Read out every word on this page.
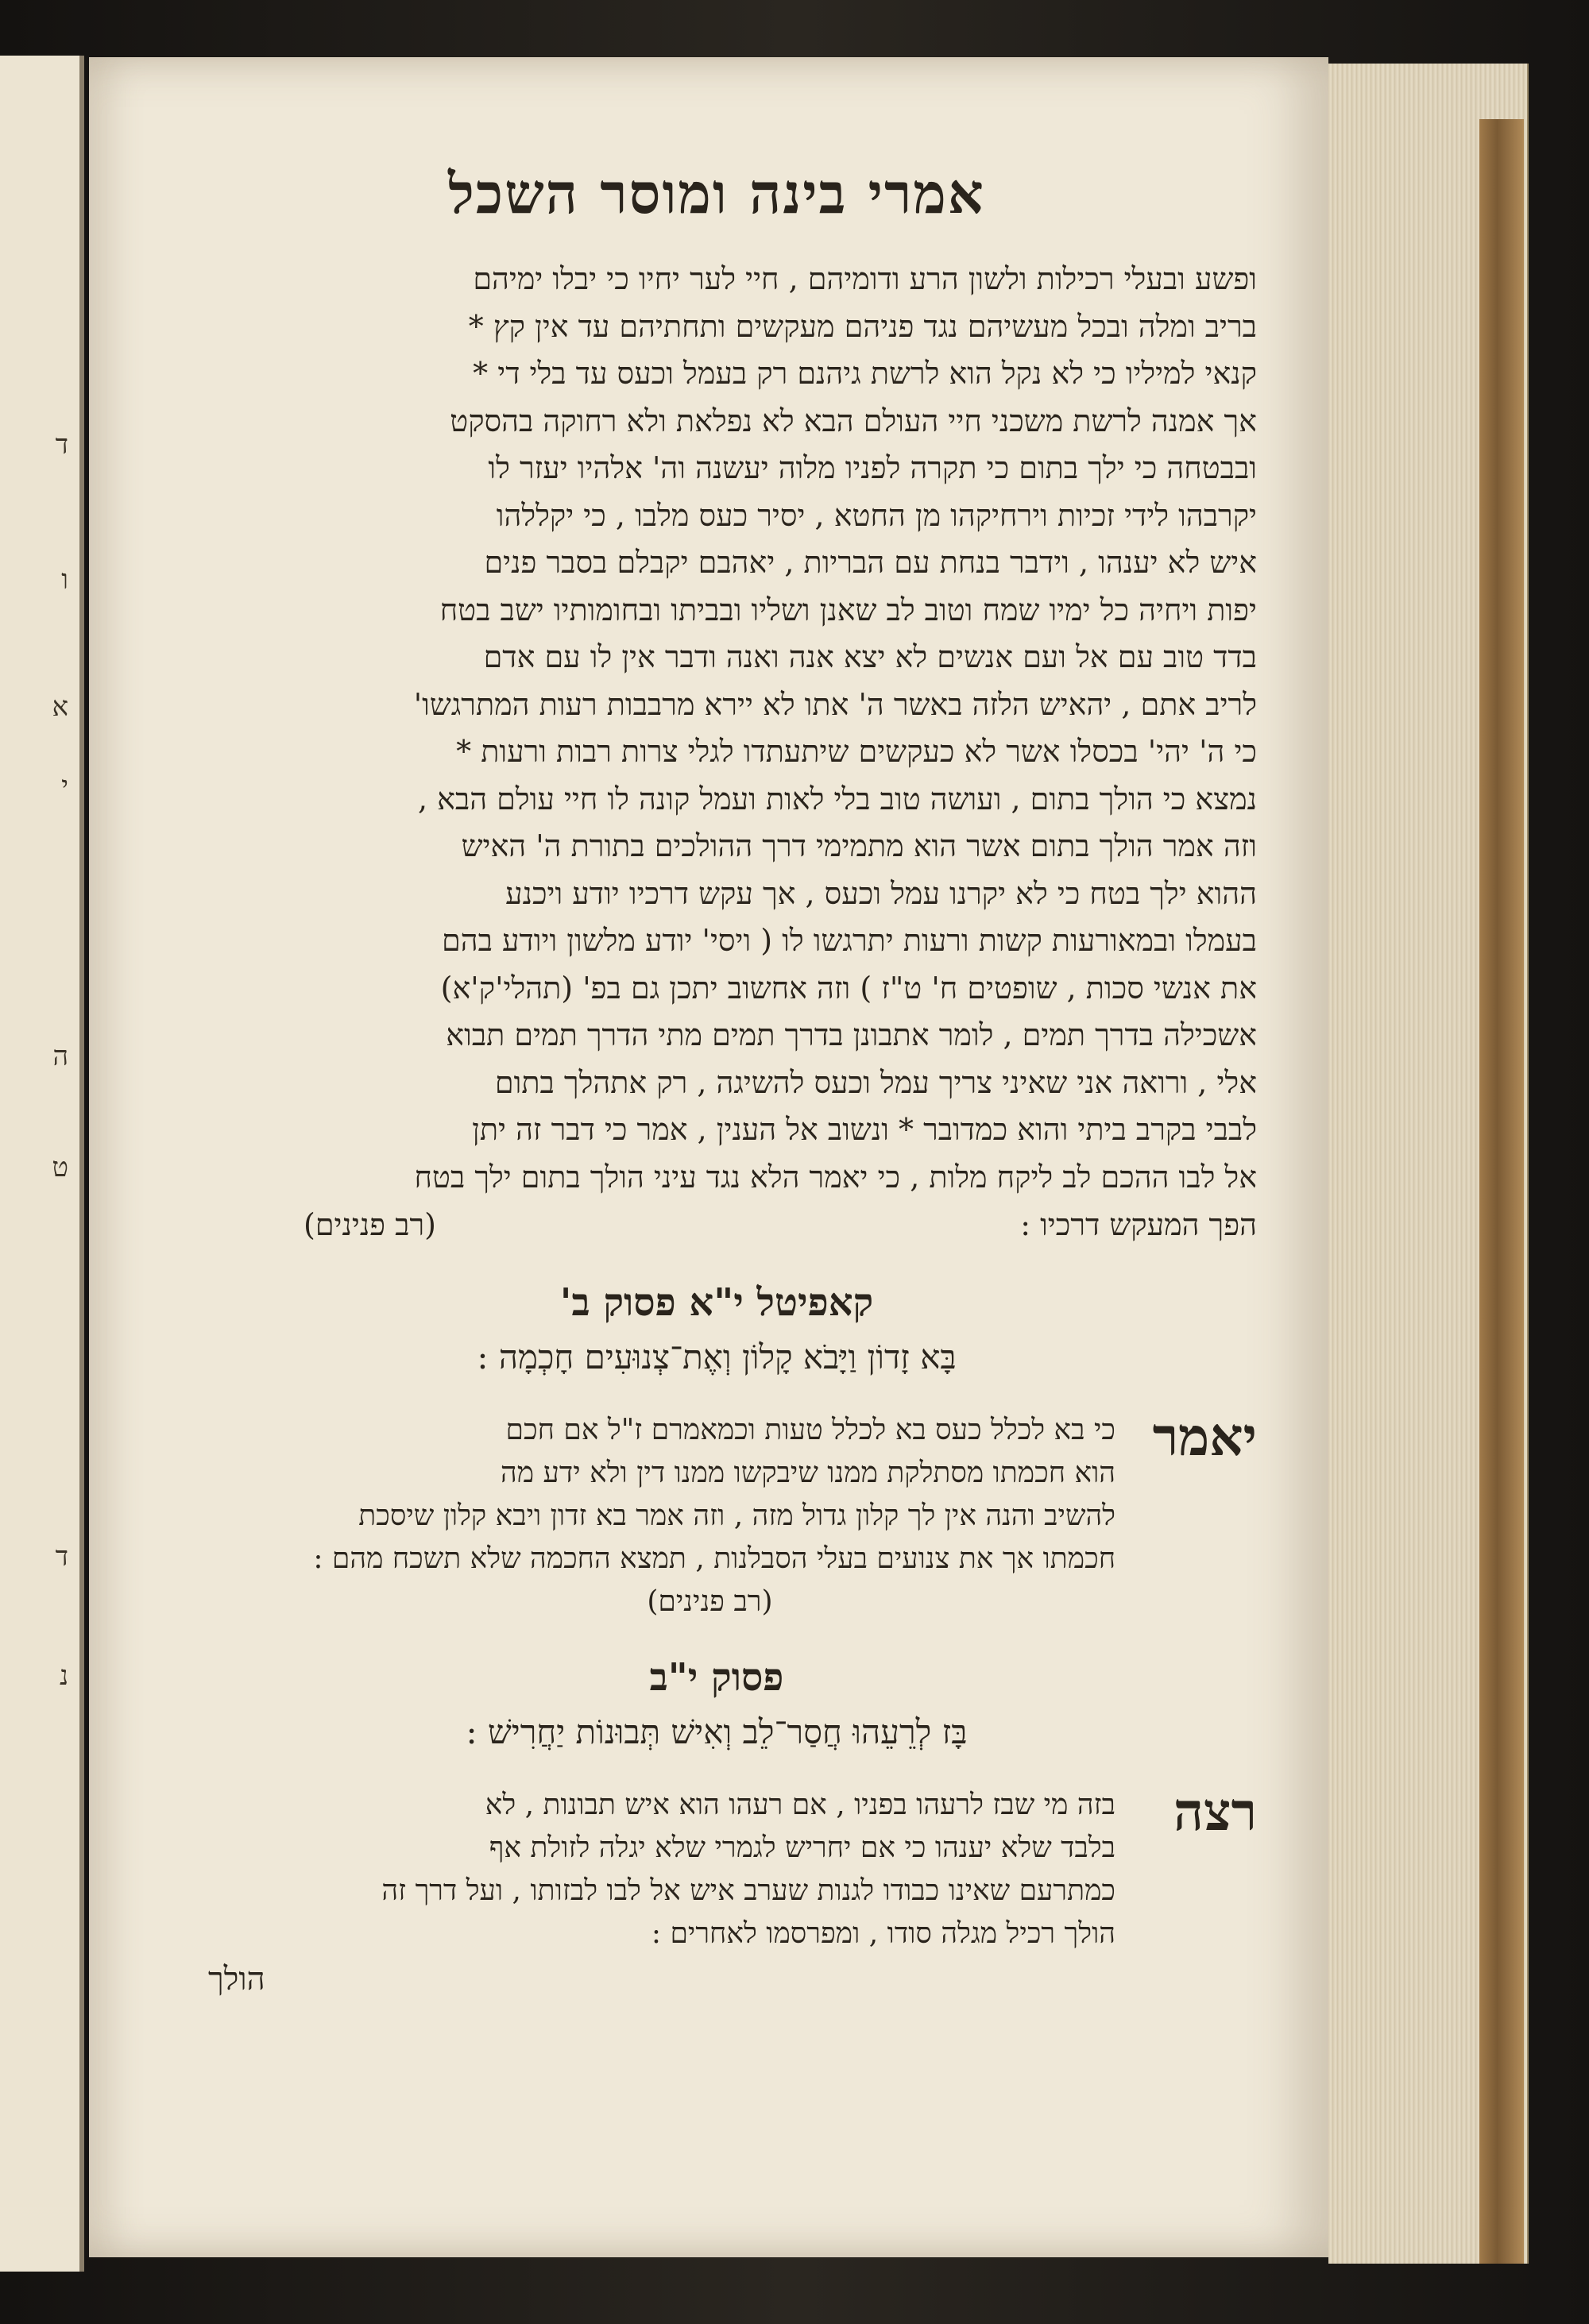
ד
ו
א
י
ה
ט
ד
נ
אמרי בינה ומוסר השכל

ופשע ובעלי רכילות ולשון הרע ודומיהם , חיי לער יחיו כי יבלו ימיהם

בריב ומלה ובכל מעשיהם נגד פניהם מעקשים ותחתיהם עד אין קץ *

קנאי למיליו כי לא נקל הוא לרשת גיהנם רק בעמל וכעס עד בלי די *

אך אמנה לרשת משכני חיי העולם הבא לא נפלאת ולא רחוקה בהסקט

ובבטחה כי ילך בתום כי תקרה לפניו מלוה יעשנה וה' אלהיו יעזר לו

יקרבהו לידי זכיות וירחיקהו מן החטא , יסיר כעס מלבו , כי יקללהו

איש לא יענהו , וידבר בנחת עם הבריות , יאהבם יקבלם בסבר פנים

יפות ויחיה כל ימיו שמח וטוב לב שאנן ושליו ובביתו ובחומותיו ישב בטח

בדד טוב עם אל ועם אנשים לא יצא אנה ואנה ודבר אין לו עם אדם

לריב אתם , יהאיש הלזה באשר ה' אתו לא יירא מרבבות רעות המתרגשו'

כי ה' יהי' בכסלו אשר לא כעקשים שיתעתדו לגלי צרות רבות ורעות *

נמצא כי הולך בתום , ועושה טוב בלי לאות ועמל קונה לו חיי עולם הבא ,

וזה אמר הולך בתום אשר הוא מתמימי דרך ההולכים בתורת ה' האיש

ההוא ילך בטח כי לא יקרנו עמל וכעס , אך עקש דרכיו יודע ויכנע

בעמלו ובמאורעות קשות ורעות יתרגשו לו ( ויסי' יודע מלשון ויודע בהם

את אנשי סכות , שופטים ח' ט"ז ) וזה אחשוב יתכן גם בפ' (תהלי'ק'א)

אשכילה בדרך תמים , לומר אתבונן בדרך תמים מתי הדרך תמים תבוא

אלי , ורואה אני שאיני צריך עמל וכעס להשיגה , רק אתהלך בתום

לבבי בקרב ביתי והוא כמדובר * ונשוב אל הענין , אמר כי דבר זה יתן

אל לבו ההכם לב ליקח מלות , כי יאמר הלא נגד עיני הולך בתום ילך בטח

הפך המעקש דרכיו :
(רב פנינים)
קאפיטל י"א פסוק ב'
בָּא זָדוֹן וַיָּבֹא קָלוֹן וְאֶת־צְנוּעִים חָכְמָה :
יאמר

כי בא לכלל כעס בא לכלל טעות וכמאמרם ז"ל אם חכם

הוא חכמתו מסתלקת ממנו שיבקשו ממנו דין ולא ידע מה

להשיב והנה אין לך קלון גדול מזה , וזה אמר בא זדון ויבא קלון שיסכת

חכמתו אך את צנועים בעלי הסבלנות , תמצא החכמה שלא תשכח מהם :

(רב פנינים)
פסוק י"ב
בָּז לְרֵעֵהוּ חֲסַר־לֵב וְאִישׁ תְּבוּנוֹת יַחֲרִישׁ :
רצה

בזה מי שבז לרעהו בפניו , אם רעהו הוא איש תבונות , לא

בלבד שלא יענהו כי אם יחריש לגמרי שלא יגלה לזולת אף

כמתרעם שאינו כבודו לגנות שערב איש אל לבו לבזותו , ועל דרך זה

הולך רכיל מגלה סודו , ומפרסמו לאחרים :

הולך
